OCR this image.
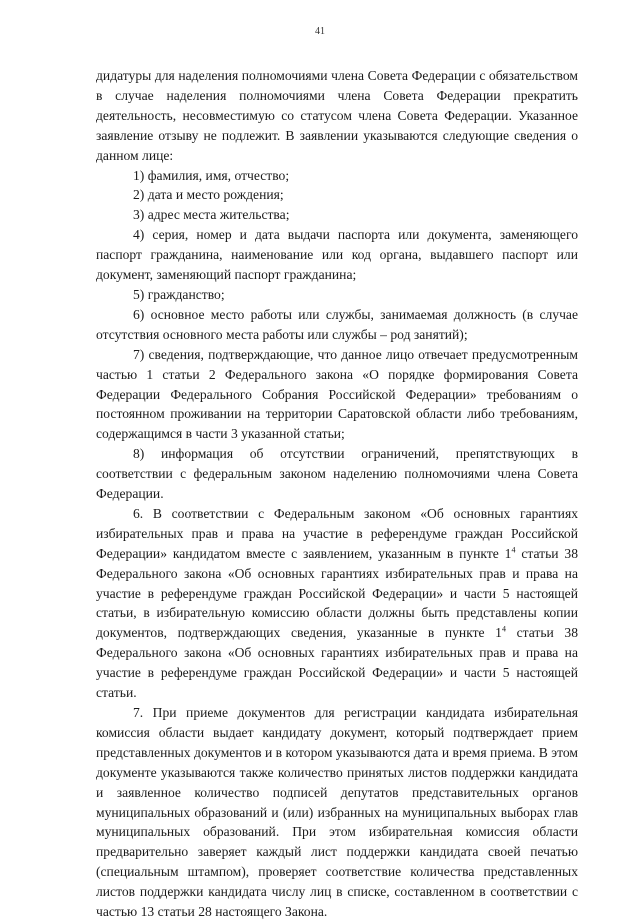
41

дидатуры для наделения полномочиями члена Совета Федерации с обязательством в случае наделения полномочиями члена Совета Федерации прекратить деятельность, несовместимую со статусом члена Совета Федерации. Указанное заявление отзыву не подлежит. В заявлении указываются следующие сведения о данном лице:

1) фамилия, имя, отчество;

2) дата и место рождения;

3) адрес места жительства;

4) серия, номер и дата выдачи паспорта или документа, заменяющего паспорт гражданина, наименование или код органа, выдавшего паспорт или документ, заменяющий паспорт гражданина;

5) гражданство;

6) основное место работы или службы, занимаемая должность (в случае отсутствия основного места работы или службы – род занятий);

7) сведения, подтверждающие, что данное лицо отвечает предусмотренным частью 1 статьи 2 Федерального закона «О порядке формирования Совета Федерации Федерального Собрания Российской Федерации» требованиям о постоянном проживании на территории Саратовской области либо требованиям, содержащимся в части 3 указанной статьи;

8) информация об отсутствии ограничений, препятствующих в соответствии с федеральным законом наделению полномочиями члена Совета Федерации.

6. В соответствии с Федеральным законом «Об основных гарантиях избирательных прав и права на участие в референдуме граждан Российской Федерации» кандидатом вместе с заявлением, указанным в пункте $1^4$ статьи 38 Федерального закона «Об основных гарантиях избирательных прав и права на участие в референдуме граждан Российской Федерации» и части 5 настоящей статьи, в избирательную комиссию области должны быть представлены копии документов, подтверждающих сведения, указанные в пункте $1^4$ статьи 38 Федерального закона «Об основных гарантиях избирательных прав и права на участие в референдуме граждан Российской Федерации» и части 5 настоящей статьи.

7. При приеме документов для регистрации кандидата избирательная комиссия области выдает кандидату документ, который подтверждает прием представленных документов и в котором указываются дата и время приема. В этом документе указываются также количество принятых листов поддержки кандидата и заявленное количество подписей депутатов представительных органов муниципальных образований и (или) избранных на муниципальных выборах глав муниципальных образований. При этом избирательная комиссия области предварительно заверяет каждый лист поддержки кандидата своей печатью (специальным штампом), проверяет соответствие количества представленных листов поддержки кандидата числу лиц в списке, составленном в соответствии с частью 13 статьи 28 настоящего Закона.
